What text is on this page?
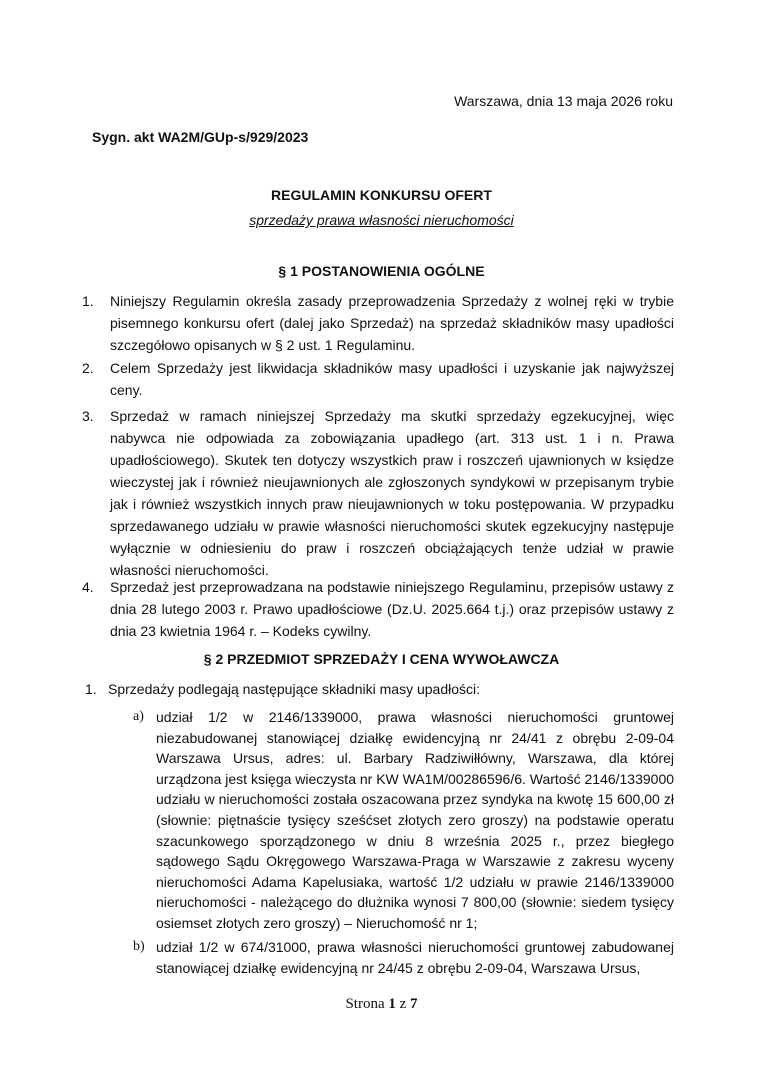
Warszawa, dnia 13 maja 2026 roku
Sygn. akt WA2M/GUp-s/929/2023
REGULAMIN KONKURSU OFERT
sprzedaży prawa własności nieruchomości
§ 1 POSTANOWIENIA OGÓLNE
1. Niniejszy Regulamin określa zasady przeprowadzenia Sprzedaży z wolnej ręki w trybie pisemnego konkursu ofert (dalej jako Sprzedaż) na sprzedaż składników masy upadłości szczegółowo opisanych w § 2 ust. 1 Regulaminu.
2. Celem Sprzedaży jest likwidacja składników masy upadłości i uzyskanie jak najwyższej ceny.
3. Sprzedaż w ramach niniejszej Sprzedaży ma skutki sprzedaży egzekucyjnej, więc nabywca nie odpowiada za zobowiązania upadłego (art. 313 ust. 1 i n. Prawa upadłościowego). Skutek ten dotyczy wszystkich praw i roszczeń ujawnionych w księdze wieczystej jak i również nieujawnionych ale zgłoszonych syndykowi w przepisanym trybie jak i również wszystkich innych praw nieujawnionych w toku postępowania. W przypadku sprzedawanego udziału w prawie własności nieruchomości skutek egzekucyjny następuje wyłącznie w odniesieniu do praw i roszczeń obciążających tenże udział w prawie własności nieruchomości.
4. Sprzedaż jest przeprowadzana na podstawie niniejszego Regulaminu, przepisów ustawy z dnia 28 lutego 2003 r. Prawo upadłościowe (Dz.U. 2025.664 t.j.) oraz przepisów ustawy z dnia 23 kwietnia 1964 r. – Kodeks cywilny.
§ 2 PRZEDMIOT SPRZEDAŻY I CENA WYWOŁAWCZA
1. Sprzedaży podlegają następujące składniki masy upadłości:
a) udział 1/2 w 2146/1339000, prawa własności nieruchomości gruntowej niezabudowanej stanowiącej działkę ewidencyjną nr 24/41 z obrębu 2-09-04 Warszawa Ursus, adres: ul. Barbary Radziwiłłówny, Warszawa, dla której urządzona jest księga wieczysta nr KW WA1M/00286596/6. Wartość 2146/1339000 udziału w nieruchomości została oszacowana przez syndyka na kwotę 15 600,00 zł (słownie: piętnaście tysięcy sześćset złotych zero groszy) na podstawie operatu szacunkowego sporządzonego w dniu 8 września 2025 r., przez biegłego sądowego Sądu Okręgowego Warszawa-Praga w Warszawie z zakresu wyceny nieruchomości Adama Kapelusiaka, wartość 1/2 udziału w prawie 2146/1339000 nieruchomości - należącego do dłużnika wynosi 7 800,00 (słownie: siedem tysięcy osiemset złotych zero groszy) – Nieruchomość nr 1;
b) udział 1/2 w 674/31000, prawa własności nieruchomości gruntowej zabudowanej stanowiącej działkę ewidencyjną nr 24/45 z obrębu 2-09-04, Warszawa Ursus,
Strona 1 z 7
